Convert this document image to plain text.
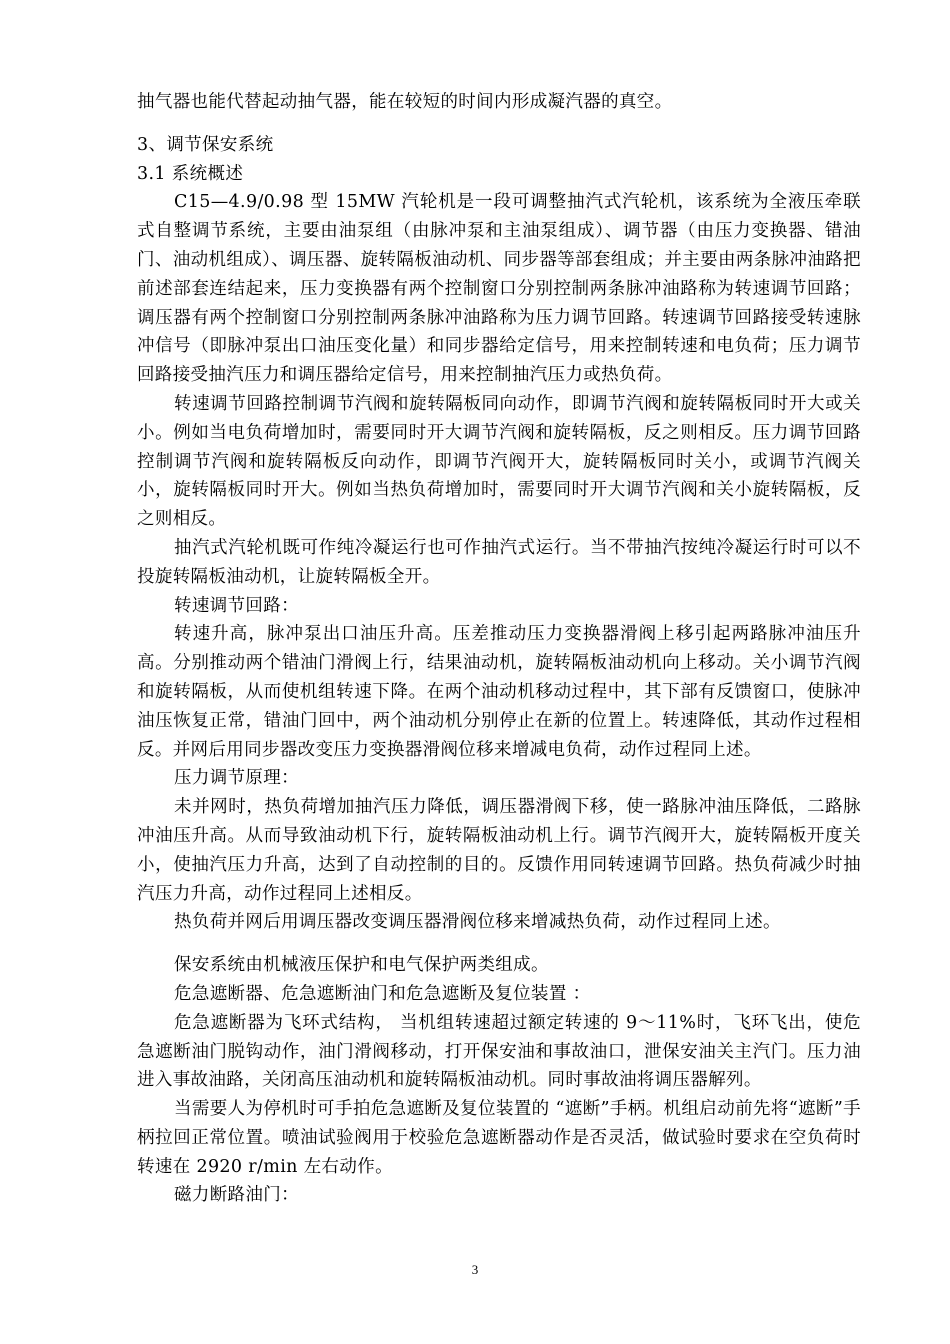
抽气器也能代替起动抽气器，能在较短的时间内形成凝汽器的真空。

3、调节保安系统

3.1 系统概述

C15—4.9/0.98 型 15MW 汽轮机是一段可调整抽汽式汽轮机，该系统为全液压牵联式自整调节系统，主要由油泵组（由脉冲泵和主油泵组成）、调节器（由压力变换器、错油门、油动机组成）、调压器、旋转隔板油动机、同步器等部套组成；并主要由两条脉冲油路把前述部套连结起来，压力变换器有两个控制窗口分别控制两条脉冲油路称为转速调节回路；调压器有两个控制窗口分别控制两条脉冲油路称为压力调节回路。转速调节回路接受转速脉冲信号（即脉冲泵出口油压变化量）和同步器给定信号，用来控制转速和电负荷；压力调节回路接受抽汽压力和调压器给定信号，用来控制抽汽压力或热负荷。

转速调节回路控制调节汽阀和旋转隔板同向动作，即调节汽阀和旋转隔板同时开大或关小。例如当电负荷增加时，需要同时开大调节汽阀和旋转隔板，反之则相反。压力调节回路控制调节汽阀和旋转隔板反向动作，即调节汽阀开大，旋转隔板同时关小，或调节汽阀关小，旋转隔板同时开大。例如当热负荷增加时，需要同时开大调节汽阀和关小旋转隔板，反之则相反。

抽汽式汽轮机既可作纯冷凝运行也可作抽汽式运行。当不带抽汽按纯冷凝运行时可以不投旋转隔板油动机，让旋转隔板全开。

转速调节回路：

转速升高，脉冲泵出口油压升高。压差推动压力变换器滑阀上移引起两路脉冲油压升高。分别推动两个错油门滑阀上行，结果油动机，旋转隔板油动机向上移动。关小调节汽阀和旋转隔板，从而使机组转速下降。在两个油动机移动过程中，其下部有反馈窗口，使脉冲油压恢复正常，错油门回中，两个油动机分别停止在新的位置上。转速降低，其动作过程相反。并网后用同步器改变压力变换器滑阀位移来增减电负荷，动作过程同上述。

压力调节原理：

未并网时，热负荷增加抽汽压力降低，调压器滑阀下移，使一路脉冲油压降低，二路脉冲油压升高。从而导致油动机下行，旋转隔板油动机上行。调节汽阀开大，旋转隔板开度关小，使抽汽压力升高，达到了自动控制的目的。反馈作用同转速调节回路。热负荷减少时抽汽压力升高，动作过程同上述相反。

热负荷并网后用调压器改变调压器滑阀位移来增减热负荷，动作过程同上述。

保安系统由机械液压保护和电气保护两类组成。

危急遮断器、危急遮断油门和危急遮断及复位装置 ：

危急遮断器为飞环式结构， 当机组转速超过额定转速的 9～11%时，飞环飞出，使危急遮断油门脱钩动作，油门滑阀移动，打开保安油和事故油口，泄保安油关主汽门。压力油进入事故油路，关闭高压油动机和旋转隔板油动机。同时事故油将调压器解列。

当需要人为停机时可手拍危急遮断及复位装置的 “遮断”手柄。机组启动前先将“遮断”手柄拉回正常位置。喷油试验阀用于校验危急遮断器动作是否灵活，做试验时要求在空负荷时转速在 2920 r/min 左右动作。

磁力断路油门：

3
